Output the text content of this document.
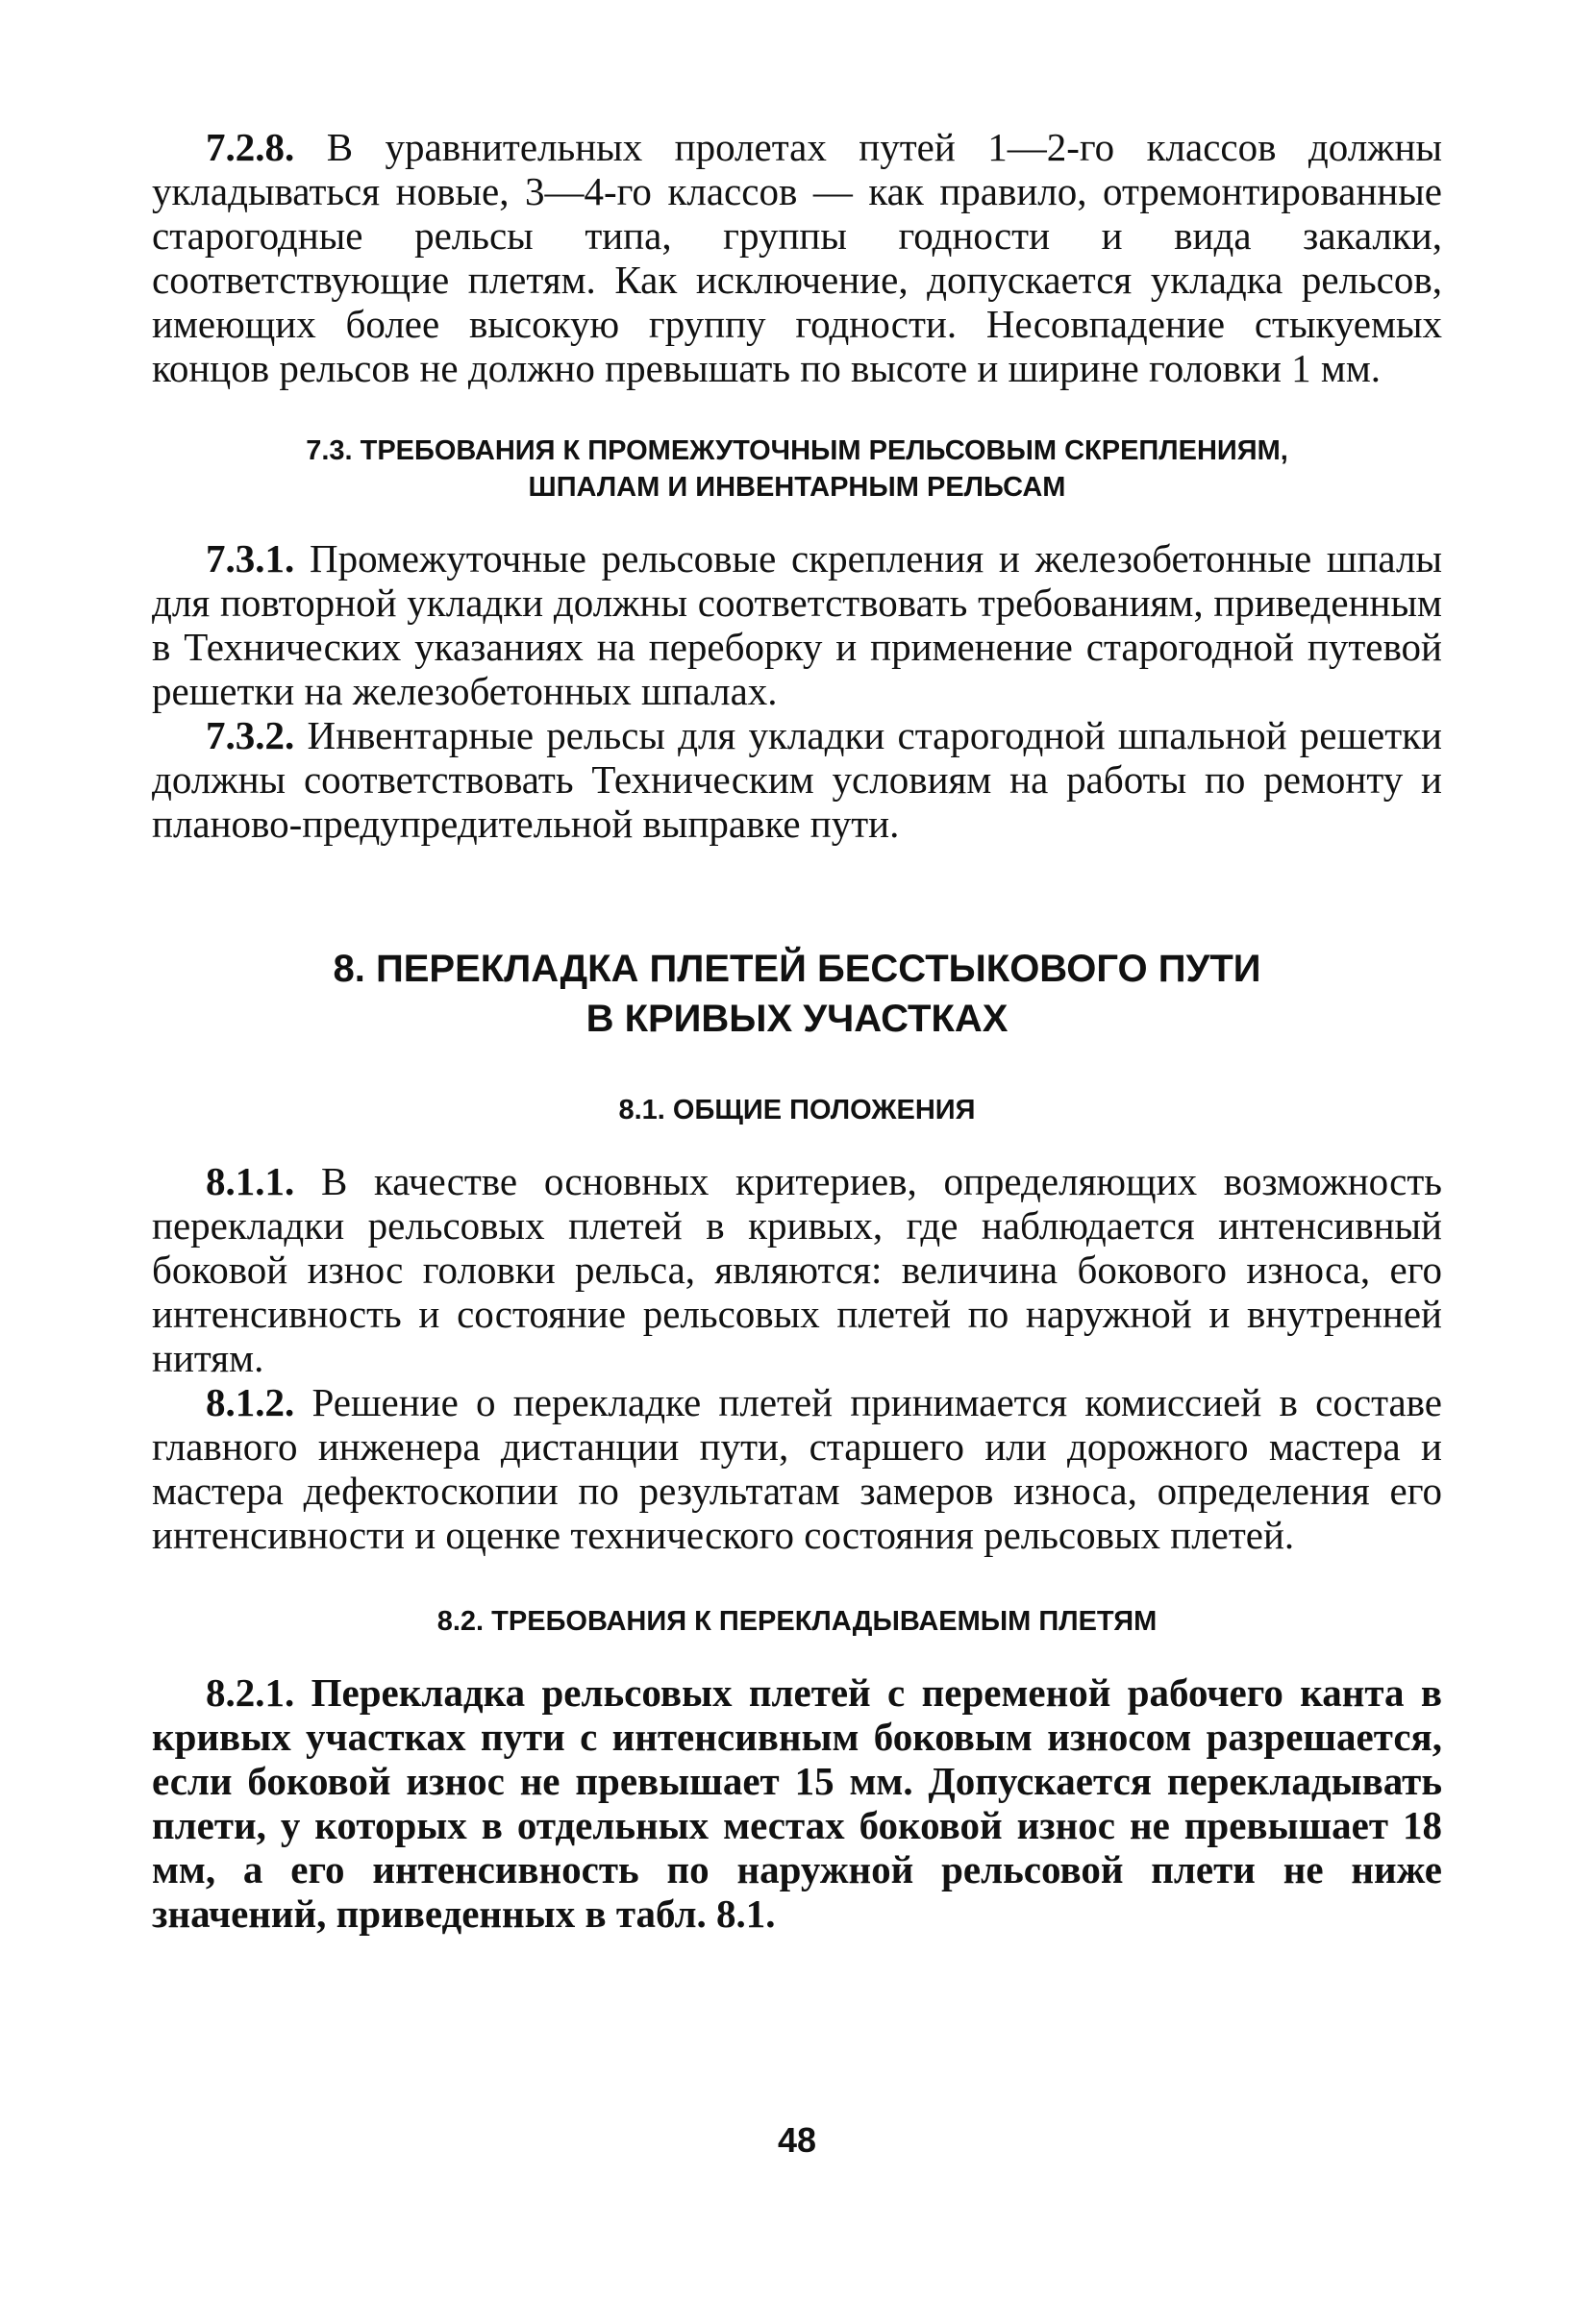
7.2.8. В уравнительных пролетах путей 1—2-го классов должны укладываться новые, 3—4-го классов — как правило, отремонтированные старогодные рельсы типа, группы годности и вида закалки, соответствующие плетям. Как исключение, допускается укладка рельсов, имеющих более высокую группу годности. Несовпадение стыкуемых концов рельсов не должно превышать по высоте и ширине головки 1 мм.

7.3. ТРЕБОВАНИЯ К ПРОМЕЖУТОЧНЫМ РЕЛЬСОВЫМ СКРЕПЛЕНИЯМ,
ШПАЛАМ И ИНВЕНТАРНЫМ РЕЛЬСАМ

7.3.1. Промежуточные рельсовые скрепления и железобетонные шпалы для повторной укладки должны соответствовать требованиям, приведенным в Технических указаниях на переборку и применение старогодной путевой решетки на железобетонных шпалах.

7.3.2. Инвентарные рельсы для укладки старогодной шпальной решетки должны соответствовать Техническим условиям на работы по ремонту и планово-предупредительной выправке пути.

8. ПЕРЕКЛАДКА ПЛЕТЕЙ БЕССТЫКОВОГО ПУТИ
В КРИВЫХ УЧАСТКАХ
8.1. ОБЩИЕ ПОЛОЖЕНИЯ

8.1.1. В качестве основных критериев, определяющих возможность перекладки рельсовых плетей в кривых, где наблюдается интенсивный боковой износ головки рельса, являются: величина бокового износа, его интенсивность и состояние рельсовых плетей по наружной и внутренней нитям.

8.1.2. Решение о перекладке плетей принимается комиссией в составе главного инженера дистанции пути, старшего или дорожного мастера и мастера дефектоскопии по результатам замеров износа, определения его интенсивности и оценке технического состояния рельсовых плетей.

8.2. ТРЕБОВАНИЯ К ПЕРЕКЛАДЫВАЕМЫМ ПЛЕТЯМ

8.2.1. Перекладка рельсовых плетей с переменой рабочего канта в кривых участках пути с интенсивным боковым износом разрешается, если боковой износ не превышает 15 мм. Допускается перекладывать плети, у которых в отдельных местах боковой износ не превышает 18 мм, а его интенсивность по наружной рельсовой плети не ниже значений, приведенных в табл. 8.1.

48
